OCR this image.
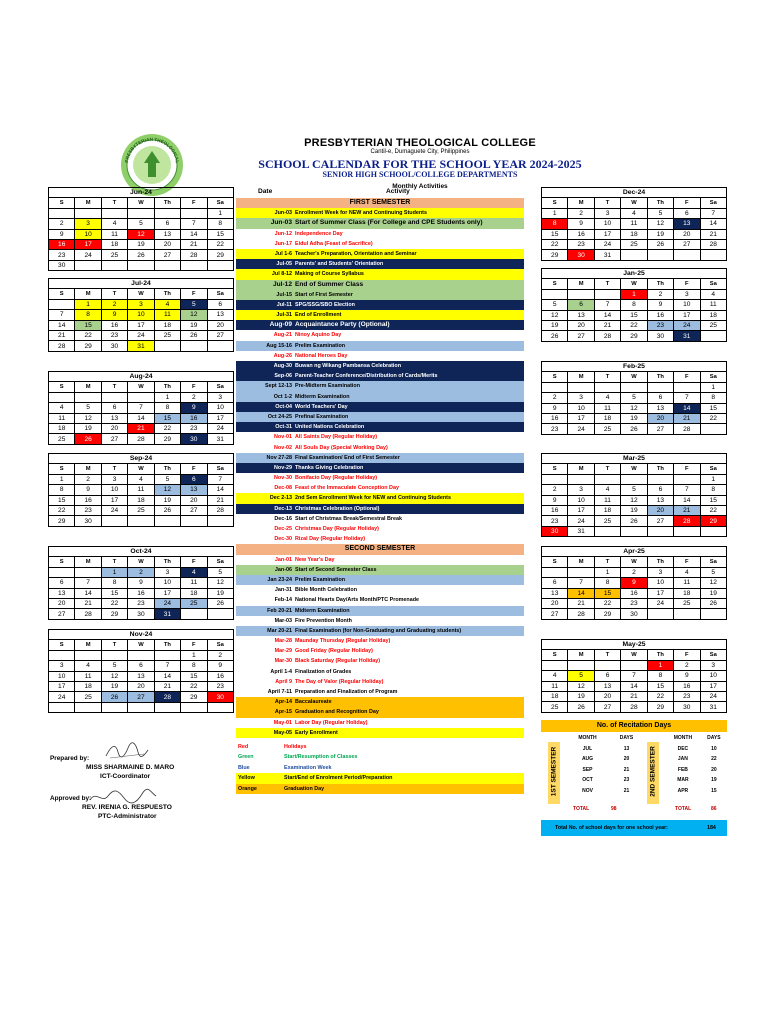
PRESBYTERIAN THEOLOGICAL
PRESBYTERIAN THEOLOGICAL COLLEGE
Cantil-e, Dumaguete City, Philippines
SCHOOL CALENDAR FOR THE SCHOOL YEAR 2024-2025
SENIOR HIGH SCHOOL/COLLEGE DEPARTMENTS
Monthly Activities
Jun-24						
S	M	T	W	Th	F	Sa
						1
2	3	4	5	6	7	8
9	10	11	12	13	14	15
16	17	18	19	20	21	22
23	24	25	26	27	28	29
30						
Jul-24						
S	M	T	W	Th	F	Sa
	1	2	3	4	5	6
7	8	9	10	11	12	13
14	15	16	17	18	19	20
21	22	23	24	25	26	27
28	29	30	31			
Aug-24						
S	M	T	W	Th	F	Sa
				1	2	3
4	5	6	7	8	9	10
11	12	13	14	15	16	17
18	19	20	21	22	23	24
25	26	27	28	29	30	31
Sep-24						
S	M	T	W	Th	F	Sa
1	2	3	4	5	6	7
8	9	10	11	12	13	14
15	16	17	18	19	20	21
22	23	24	25	26	27	28
29	30					
Oct-24						
S	M	T	W	Th	F	Sa
		1	2	3	4	5
6	7	8	9	10	11	12
13	14	15	16	17	18	19
20	21	22	23	24	25	26
27	28	29	30	31		
Nov-24						
S	M	T	W	Th	F	Sa
					1	2
3	4	5	6	7	8	9
10	11	12	13	14	15	16
17	18	19	20	21	22	23
24	25	26	27	28	29	30

Dec-24						
S	M	T	W	Th	F	Sa
1	2	3	4	5	6	7
8	9	10	11	12	13	14
15	16	17	18	19	20	21
22	23	24	25	26	27	28
29	30	31				
Jan-25						
S	M	T	W	Th	F	Sa
			1	2	3	4
5	6	7	8	9	10	11
12	13	14	15	16	17	18
19	20	21	22	23	24	25
26	27	28	29	30	31	
Feb-25						
S	M	T	W	Th	F	Sa
						1
2	3	4	5	6	7	8
9	10	11	12	13	14	15
16	17	18	19	20	21	22
23	24	25	26	27	28	
Mar-25						
S	M	T	W	Th	F	Sa
						1
2	3	4	5	6	7	8
9	10	11	12	13	14	15
16	17	18	19	20	21	22
23	24	25	26	27	28	29
30	31					
Apr-25						
S	M	T	W	Th	F	Sa
		1	2	3	4	5
6	7	8	9	10	11	12
13	14	15	16	17	18	19
20	21	22	23	24	25	26
27	28	29	30			
May-25						
S	M	T	W	Th	F	Sa
				1	2	3
4	5	6	7	8	9	10
11	12	13	14	15	16	17
18	19	20	21	22	23	24
25	26	27	28	29	30	31
Date	Activity
FIRST SEMESTER
Jun-03 Enrollment Week for NEW and Continuing Students
Jun-03 Start of Summer Class (For College and CPE Students only)
Jun-12 Independence Day
Jun-17 Eidul Adha (Feast of Sacrifice)
Jul 1-6 Teacher's Preparation, Orientation and Seminar
Jul-05 Parents' and Students' Orientation
Jul 8-12 Making of Course Syllabus
Jul-12 End of Summer Class
Jul-15 Start of First Semester
Jul-11 SPG/SSG/SBO Election
Jul-31 End of Enrollment
Aug-09 Acquaintance Party (Optional)
Aug-21 Ninoy Aquino Day
Aug 15-16 Prelim Examination
Aug-26 National Heroes Day
Aug-30 Buwan ng Wikang Pambansa Celebration
Sep-06 Parent-Teacher Conference/Distribution of Cards/Merits
Sept 12-13 Pre-Midterm Examination
Oct 1-2 Midterm Examination
Oct-04 World Teachers' Day
Oct 24-25 Prefinal Examination
Oct-31 United Nations Celebration
Nov-01 All Saints Day (Regular Holiday)
Nov-02 All Souls Day (Special Working Day)
Nov 27-28 Final Examination/ End of First Semester
Nov-29 Thanks Giving Celebration
Nov-30 Bonifacio Day (Regular Holiday)
Dec-08 Feast of the Immaculate Conception Day
Dec 2-13 2nd Sem Enrollment Week for NEW and Continuing Students
Dec-13 Christmas Celebration (Optional)
Dec-16 Start of Christmas Break/Semestral Break
Dec-25 Christmas Day (Regular Holiday)
Dec-30 Rizal Day (Regular Holiday)
SECOND SEMESTER
Jan-01 New Year's Day
Jan-06 Start of Second Semester Class
Jan 23-24 Prelim Examination
Jan-31 Bible Month Celebration
Feb-14 National Hearts Day/Arts Month/PTC Promenade
Feb 20-21 Midterm Examination
Mar-03 Fire Prevention Month
Mar 20-21 Final Examination (for Non-Graduating and Graduating students)
Mar-28 Maunday Thursday (Regular Holiday)
Mar-29 Good Friday (Regular Holiday)
Mar-30 Black Saturday (Regular Holiday)
April 1-4 Finalization of Grades
April 9 The Day of Valor (Regular Holiday)
April 7-11 Preparation and Finalization of Program
Apr-14 Baccalaureate
Apr-15 Graduation and Recognition Day
May-01 Labor Day (Regular Holiday)
May-05 Early Enrollment
Red	Holidays
Green	Start/Resumption of Classes
Blue	Examination Week
Yellow	Start/End of Enrolment Period/Preparation
Orange	Graduation Day
Prepared by:
MISS SHARMAINE D. MARO
ICT-Coordinator
Approved by:
REV. IRENIA G. RESPUESTO
PTC-Administrator
No. of Recitation Days
1ST SEMESTER	2ND SEMESTER
MONTH	DAYS
JUL	13
AUG	20
SEP	21
OCT	23
NOV	21
MONTH	DAYS
DEC	10
JAN	22
FEB	20
MAR	19
APR	15
TOTAL	98	TOTAL	86
Total No. of school days for one school year:	184
